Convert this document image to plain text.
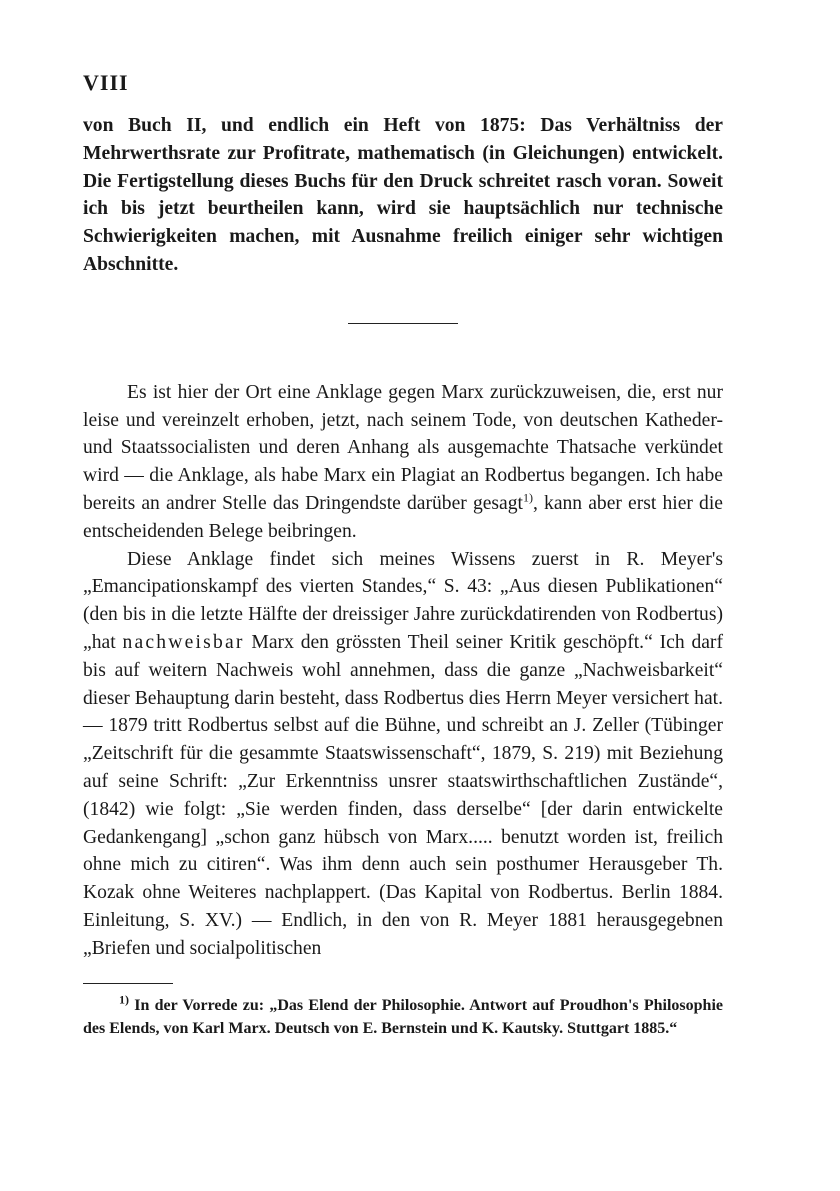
VIII

von Buch II, und endlich ein Heft von 1875: Das Verhältniss der Mehrwerthsrate zur Profitrate, mathematisch (in Gleichungen) entwickelt. Die Fertigstellung dieses Buchs für den Druck schreitet rasch voran. Soweit ich bis jetzt beurtheilen kann, wird sie hauptsächlich nur technische Schwierigkeiten machen, mit Ausnahme freilich einiger sehr wichtigen Abschnitte.

Es ist hier der Ort eine Anklage gegen Marx zurückzuweisen, die, erst nur leise und vereinzelt erhoben, jetzt, nach seinem Tode, von deutschen Katheder- und Staatssocialisten und deren Anhang als ausgemachte Thatsache verkündet wird — die Anklage, als habe Marx ein Plagiat an Rodbertus begangen. Ich habe bereits an andrer Stelle das Dringendste darüber gesagt$^{1)}$, kann aber erst hier die entscheidenden Belege beibringen.

Diese Anklage findet sich meines Wissens zuerst in R. Meyer's „Emancipationskampf des vierten Standes,“ S. 43: „Aus diesen Publikationen“ (den bis in die letzte Hälfte der dreissiger Jahre zurückdatirenden von Rodbertus) „hat nachweisbar Marx den grössten Theil seiner Kritik geschöpft.“ Ich darf bis auf weitern Nachweis wohl annehmen, dass die ganze „Nachweisbarkeit“ dieser Behauptung darin besteht, dass Rodbertus dies Herrn Meyer versichert hat. — 1879 tritt Rodbertus selbst auf die Bühne, und schreibt an J. Zeller (Tübinger „Zeitschrift für die gesammte Staatswissenschaft“, 1879, S. 219) mit Beziehung auf seine Schrift: „Zur Erkenntniss unsrer staatswirthschaftlichen Zustände“, (1842) wie folgt: „Sie werden finden, dass derselbe“ [der darin entwickelte Gedankengang] „schon ganz hübsch von Marx..... benutzt worden ist, freilich ohne mich zu citiren“. Was ihm denn auch sein posthumer Herausgeber Th. Kozak ohne Weiteres nachplappert. (Das Kapital von Rodbertus. Berlin 1884. Einleitung, S. XV.) — Endlich, in den von R. Meyer 1881 herausgegebnen „Briefen und socialpolitischen

$^{1)}$ In der Vorrede zu: „Das Elend der Philosophie. Antwort auf Proudhon's Philosophie des Elends, von Karl Marx. Deutsch von E. Bernstein und K. Kautsky. Stuttgart 1885.“
